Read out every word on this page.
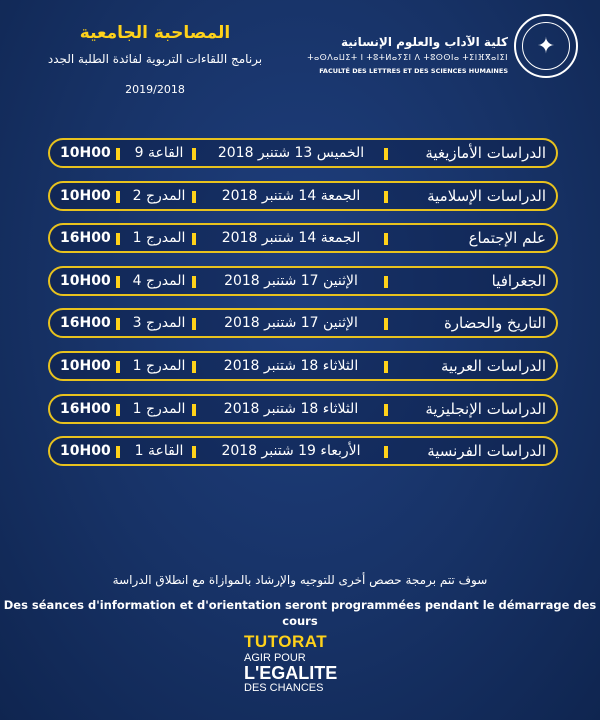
المصاحبة الجامعية
برنامج اللقاءات التربوية لفائدة الطلبة الجدد
2019/2018
كلية الآداب والعلوم الإنسانية
ⵜⴰⵙⴷⴰⵡⵉⵜ ⵏ ⵜⵓⵜⵍⴰⵢⵉⵏ ⴷ ⵜⵓⵙⵙⵏⴰ ⵜⵉⵏⴼⴳⴰⵏⵉⵏ
FACULTÉ DES LETTRES ET DES SCIENCES HUMAINES
✦
الدراسات الأمازيغية
الخميس 13 شتنبر 2018
القاعة 9
10H00
الدراسات الإسلامية
الجمعة 14 شتنبر 2018
المدرج 2
10H00
علم الإجتماع
الجمعة 14 شتنبر 2018
المدرج 1
16H00
الجغرافيا
الإثنين 17 شتنبر 2018
المدرج 4
10H00
التاريخ والحضارة
الإثنين 17 شتنبر 2018
المدرج 3
16H00
الدراسات العربية
الثلاثاء 18 شتنبر 2018
المدرج 1
10H00
الدراسات الإنجليزية
الثلاثاء 18 شتنبر 2018
المدرج 1
16H00
الدراسات الفرنسية
الأربعاء 19 شتنبر 2018
القاعة 1
10H00
سوف تتم برمجة حصص أخرى للتوجيه والإرشاد بالموازاة مع انطلاق الدراسة
Des séances d'information et d'orientation seront programmées pendant le démarrage des cours
TUTORAT
AGIR POUR
L'EGALITE
DES CHANCES
